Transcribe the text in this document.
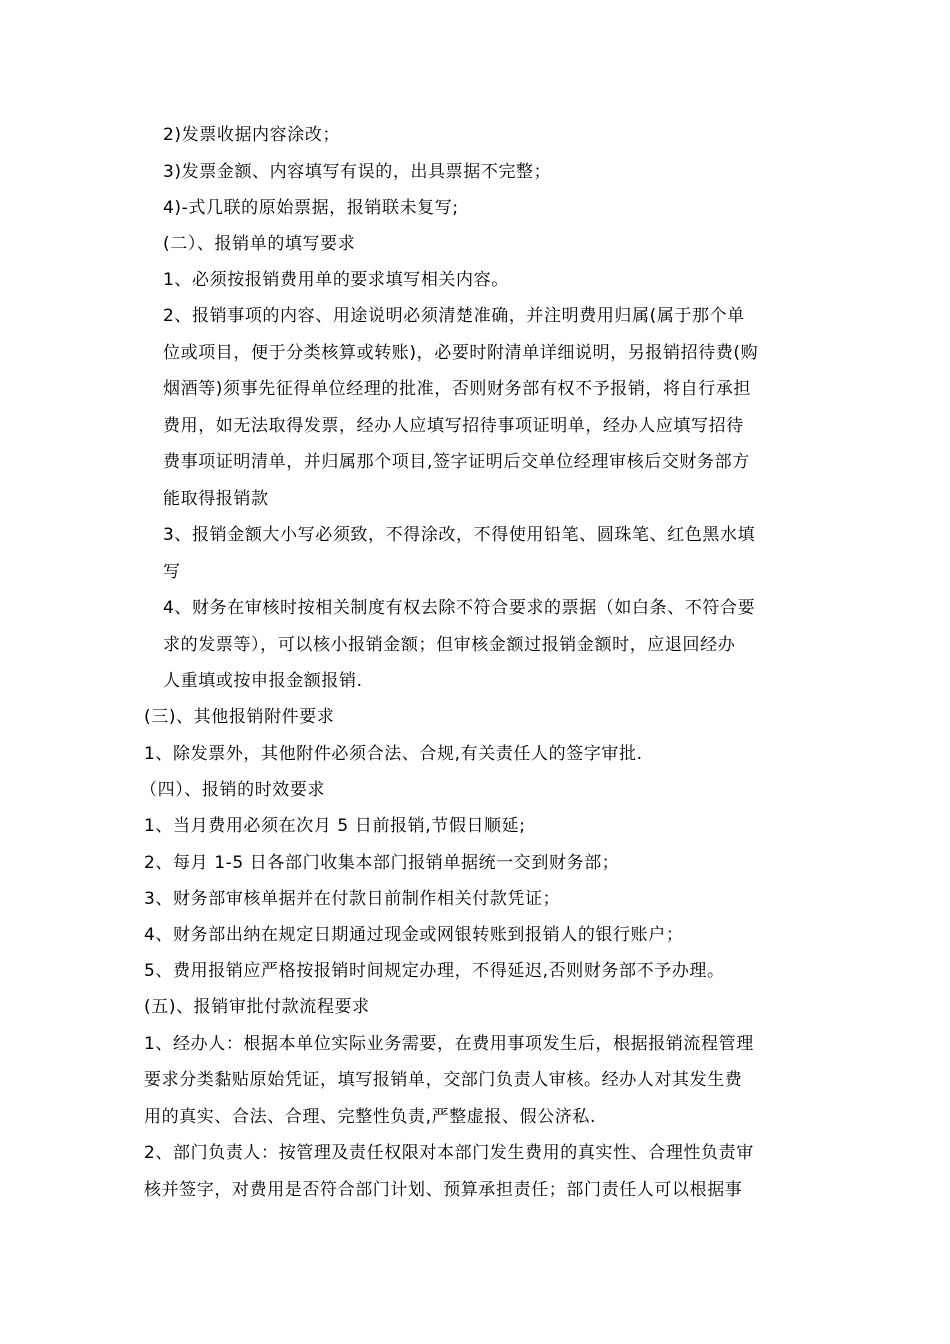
2)发票收据内容涂改；
3)发票金额、内容填写有误的，出具票据不完整；
4)-式几联的原始票据，报销联未复写;
(二）、报销单的填写要求
1、必须按报销费用单的要求填写相关内容。
2、报销事项的内容、用途说明必须清楚准确，并注明费用归属(属于那个单
位或项目，便于分类核算或转账)，必要时附清单详细说明，另报销招待费(购
烟酒等)须事先征得单位经理的批准，否则财务部有权不予报销，将自行承担
费用，如无法取得发票，经办人应填写招待事项证明单，经办人应填写招待
费事项证明清单，并归属那个项目,签字证明后交单位经理审核后交财务部方
能取得报销款
3、报销金额大小写必须致，不得涂改，不得使用铅笔、圆珠笔、红色黑水填
写
4、财务在审核时按相关制度有权去除不符合要求的票据（如白条、不符合要
求的发票等），可以核小报销金额；但审核金额过报销金额时，应退回经办
人重填或按申报金额报销.
(三)、其他报销附件要求
1、除发票外，其他附件必须合法、合规,有关责任人的签字审批.
（四）、报销的时效要求
1、当月费用必须在次月 5 日前报销,节假日顺延;
2、每月 1-5 日各部门收集本部门报销单据统一交到财务部；
3、财务部审核单据并在付款日前制作相关付款凭证；
4、财务部出纳在规定日期通过现金或网银转账到报销人的银行账户；
5、费用报销应严格按报销时间规定办理，不得延迟,否则财务部不予办理。
(五)、报销审批付款流程要求
1、经办人：根据本单位实际业务需要，在费用事项发生后，根据报销流程管理
要求分类黏贴原始凭证，填写报销单，交部门负责人审核。经办人对其发生费
用的真实、合法、合理、完整性负责,严整虚报、假公济私.
2、部门负责人：按管理及责任权限对本部门发生费用的真实性、合理性负责审
核并签字，对费用是否符合部门计划、预算承担责任；部门责任人可以根据事
